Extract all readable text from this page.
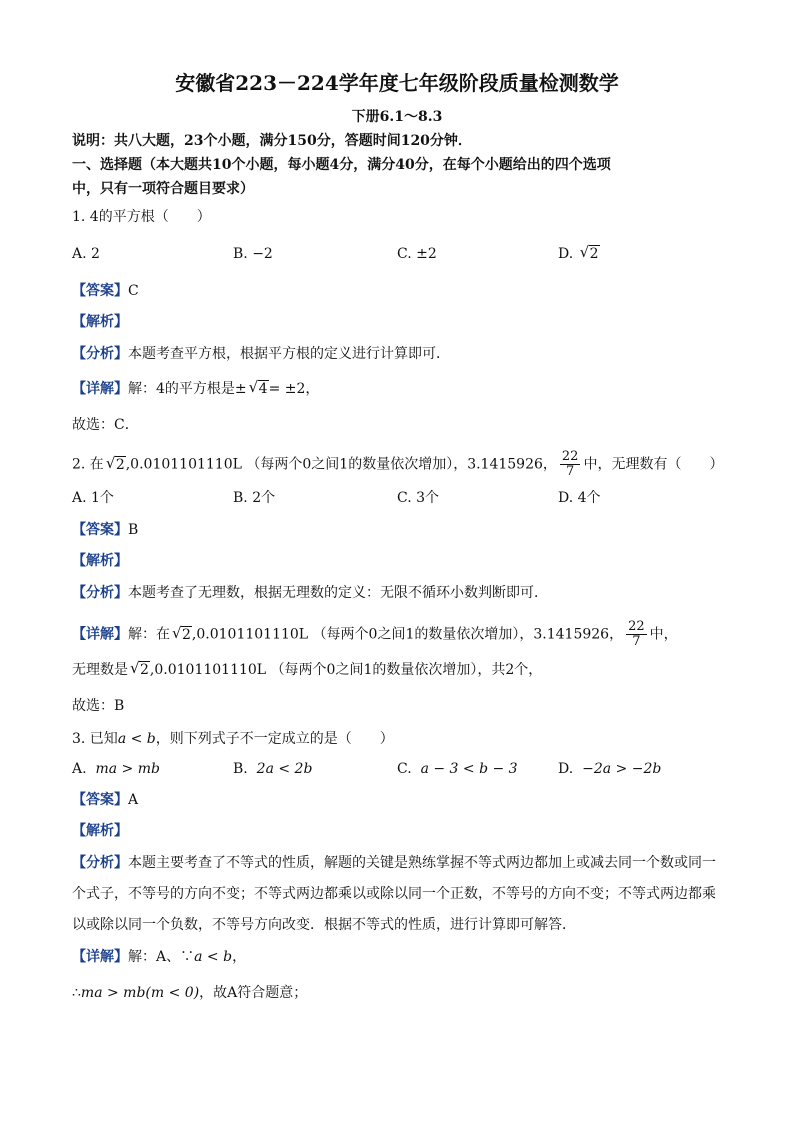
安徽省223－224学年度七年级阶段质量检测数学
下册6.1～8.3
说明：共八大题，23个小题，满分150分，答题时间120分钟．
一、选择题（本大题共10个小题，每小题4分，满分40分，在每个小题给出的四个选项
中，只有一项符合题目要求）
1. 4的平方根（　　）
A. 2	B. −2	C. ±2	D. √ 2
【答案】C
【解析】
【分析】本题考查平方根，根据平方根的定义进行计算即可．
【详解】解：4的平方根是± √ 4= ±2，
故选：C．
2. 在 √ 2,0.0101101110L （每两个0之间1的数量依次增加），3.1415926， $\frac{22}{7}$ 中，无理数有（　　）
A. 1个	B. 2个	C. 3个	D. 4个
【答案】B
【解析】
【分析】本题考查了无理数，根据无理数的定义：无限不循环小数判断即可．
【详解】解：在 √ 2,0.0101101110L （每两个0之间1的数量依次增加），3.1415926， $\frac{22}{7}$ 中，
无理数是 √ 2,0.0101101110L （每两个0之间1的数量依次增加），共2个，
故选：B
3. 已知a < b，则下列式子不一定成立的是（　　）
A. ma > mb	B. 2a < 2b	C. a − 3 < b − 3	D. −2a > −2b
【答案】A
【解析】
【分析】本题主要考查了不等式的性质，解题的关键是熟练掌握不等式两边都加上或减去同一个数或同一
个式子，不等号的方向不变；不等式两边都乘以或除以同一个正数，不等号的方向不变；不等式两边都乘
以或除以同一个负数，不等号方向改变．根据不等式的性质，进行计算即可解答．
【详解】解：A、∵a < b，
∴ma > mb(m < 0)，故A符合题意；
